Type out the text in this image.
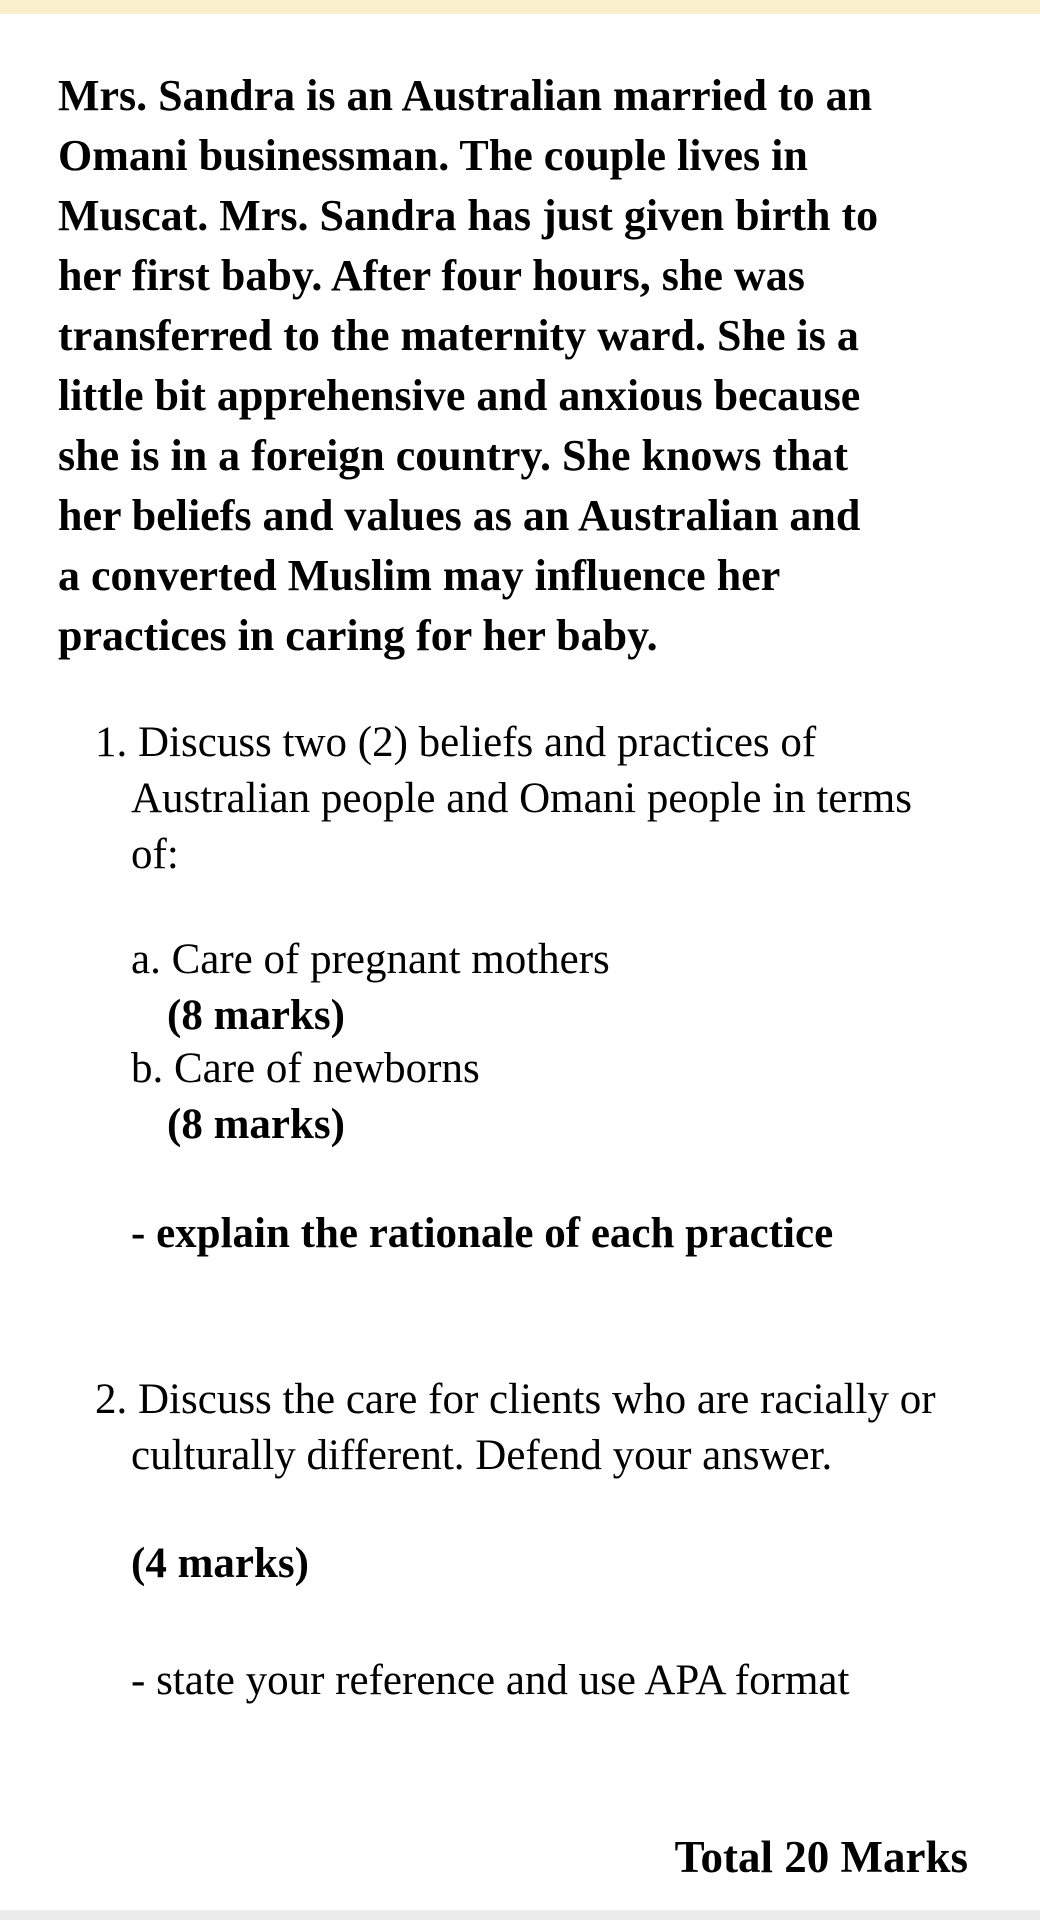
Mrs. Sandra is an Australian married to an
Omani businessman. The couple lives in
Muscat. Mrs. Sandra has just given birth to
her first baby. After four hours, she was
transferred to the maternity ward. She is a
little bit apprehensive and anxious because
she is in a foreign country. She knows that
her beliefs and values as an Australian and
a converted Muslim may influence her
practices in caring for her baby.
1. Discuss two (2) beliefs and practices of
Australian people and Omani people in terms
of:
a. Care of pregnant mothers
(8 marks)
b. Care of newborns
(8 marks)
- explain the rationale of each practice
2. Discuss the care for clients who are racially or
culturally different. Defend your answer.
(4 marks)
- state your reference and use APA format
Total 20 Marks
